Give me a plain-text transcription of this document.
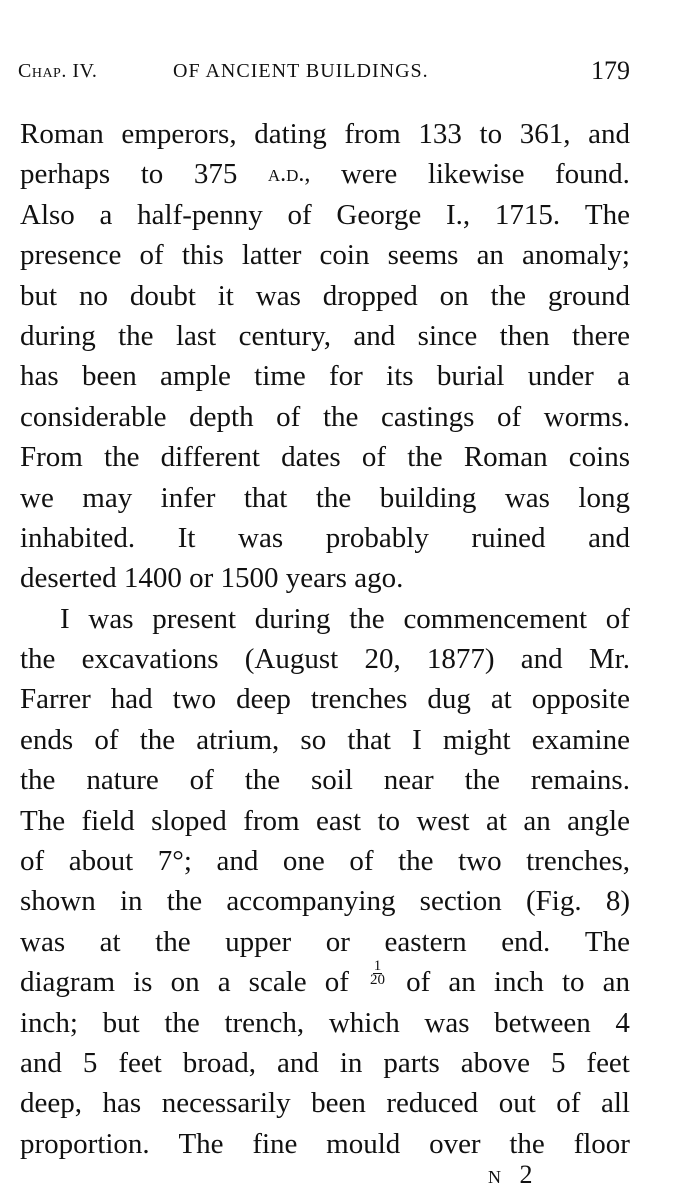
Chap. IV.	OF ANCIENT BUILDINGS.	179
Roman emperors, dating from 133 to 361, and
perhaps to 375 a.d., were likewise found.
Also a half-penny of George I., 1715. The
presence of this latter coin seems an anomaly;
but no doubt it was dropped on the ground
during the last century, and since then there
has been ample time for its burial under a
considerable depth of the castings of worms.
From the different dates of the Roman coins
we may infer that the building was long
inhabited. It was probably ruined and
deserted 1400 or 1500 years ago.
I was present during the commencement of
the excavations (August 20, 1877) and Mr.
Farrer had two deep trenches dug at opposite
ends of the atrium, so that I might examine
the nature of the soil near the remains.
The field sloped from east to west at an angle
of about 7°; and one of the two trenches,
shown in the accompanying section (Fig. 8)
was at the upper or eastern end. The
diagram is on a scale of $\frac{1}{20}$ of an inch to an
inch; but the trench, which was between 4
and 5 feet broad, and in parts above 5 feet
deep, has necessarily been reduced out of all
proportion. The fine mould over the floor
N 2
